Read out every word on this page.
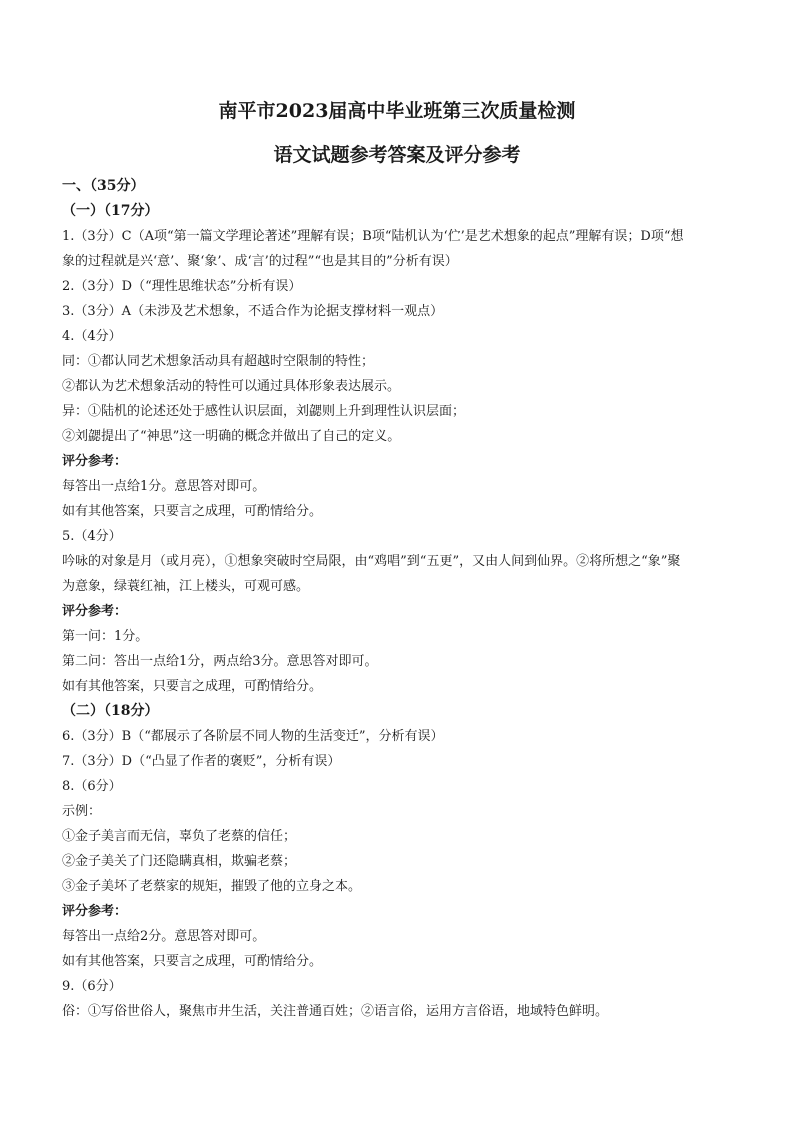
南平市2023届高中毕业班第三次质量检测
语文试题参考答案及评分参考
一、（35分）
（一）（17分）
1.（3分）C（A项“第一篇文学理论著述”理解有误；B项“陆机认为‘伫’是艺术想象的起点”理解有误；D项“想
象的过程就是兴‘意’、聚‘象’、成‘言’的过程”“也是其目的”分析有误）
2.（3分）D（“理性思维状态”分析有误）
3.（3分）A（未涉及艺术想象，不适合作为论据支撑材料一观点）
4.（4分）
同：①都认同艺术想象活动具有超越时空限制的特性；
②都认为艺术想象活动的特性可以通过具体形象表达展示。
异：①陆机的论述还处于感性认识层面，刘勰则上升到理性认识层面；
②刘勰提出了“神思”这一明确的概念并做出了自己的定义。
评分参考：
每答出一点给1分。意思答对即可。
如有其他答案，只要言之成理，可酌情给分。
5.（4分）
吟咏的对象是月（或月亮），①想象突破时空局限，由“鸡唱”到“五更”，又由人间到仙界。②将所想之“象”聚
为意象，绿蓑红袖，江上楼头，可观可感。
评分参考：
第一问：1分。
第二问：答出一点给1分，两点给3分。意思答对即可。
如有其他答案，只要言之成理，可酌情给分。
（二）（18分）
6.（3分）B（“都展示了各阶层不同人物的生活变迁”，分析有误）
7.（3分）D（“凸显了作者的褒贬”，分析有误）
8.（6分）
示例：
①金子美言而无信，辜负了老蔡的信任；
②金子美关了门还隐瞒真相，欺骗老蔡；
③金子美坏了老蔡家的规矩，摧毁了他的立身之本。
评分参考：
每答出一点给2分。意思答对即可。
如有其他答案，只要言之成理，可酌情给分。
9.（6分）
俗：①写俗世俗人，聚焦市井生活，关注普通百姓；②语言俗，运用方言俗语，地域特色鲜明。
